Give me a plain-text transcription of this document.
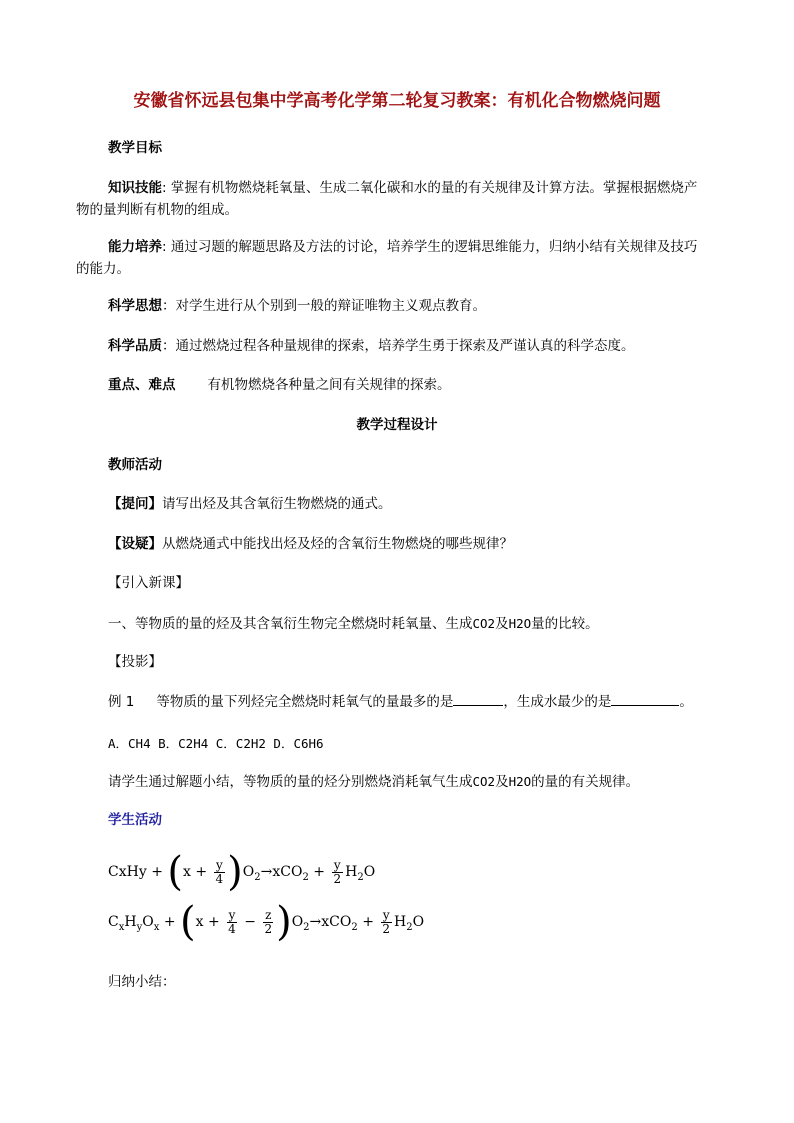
安徽省怀远县包集中学高考化学第二轮复习教案：有机化合物燃烧问题
教学目标
知识技能: 掌握有机物燃烧耗氧量、生成二氧化碳和水的量的有关规律及计算方法。掌握根据燃烧产
物的量判断有机物的组成。
能力培养: 通过习题的解题思路及方法的讨论，培养学生的逻辑思维能力，归纳小结有关规律及技巧
的能力。
科学思想：对学生进行从个别到一般的辩证唯物主义观点教育。
科学品质：通过燃烧过程各种量规律的探索，培养学生勇于探索及严谨认真的科学态度。
重点、难点 有机物燃烧各种量之间有关规律的探索。
教学过程设计
教师活动
【提问】请写出烃及其含氧衍生物燃烧的通式。
【设疑】从燃烧通式中能找出烃及烃的含氧衍生物燃烧的哪些规律？
【引入新课】
一、等物质的量的烃及其含氧衍生物完全燃烧时耗氧量、生成CO2及H2O量的比较。
【投影】
例 1 等物质的量下列烃完全燃烧时耗氧气的量最多的是	，生成水最少的是	。
A．CH4 B．C2H4 C．C2H2 D．C6H6
请学生通过解题小结，等物质的量的烃分别燃烧消耗氧气生成CO2及H2O的量的有关规律。
学生活动
CxHy + $(x + \frac{y}{4} )O_2\to xCO_2 + \frac{y}{2} H_2O$
$C_xH_yO_x + (x + \frac{y}{4} - \frac{z}{2} )O_2\to xCO_2 + \frac{y}{2} H_2O$
归纳小结：
